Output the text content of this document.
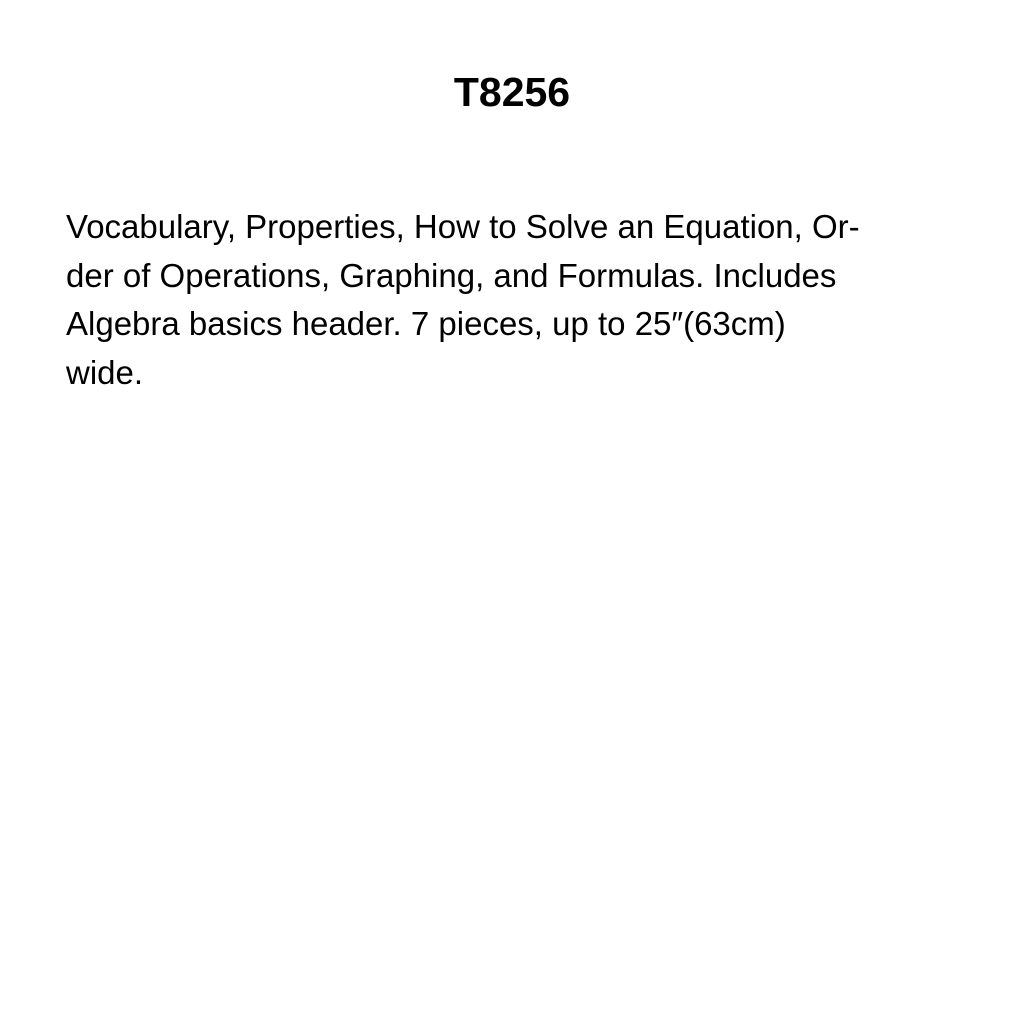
T8256

Vocabulary, Properties, How to Solve an Equation, Or-
der of Operations, Graphing, and Formulas. Includes
Algebra basics header. 7 pieces, up to 25″(63cm)
wide.
